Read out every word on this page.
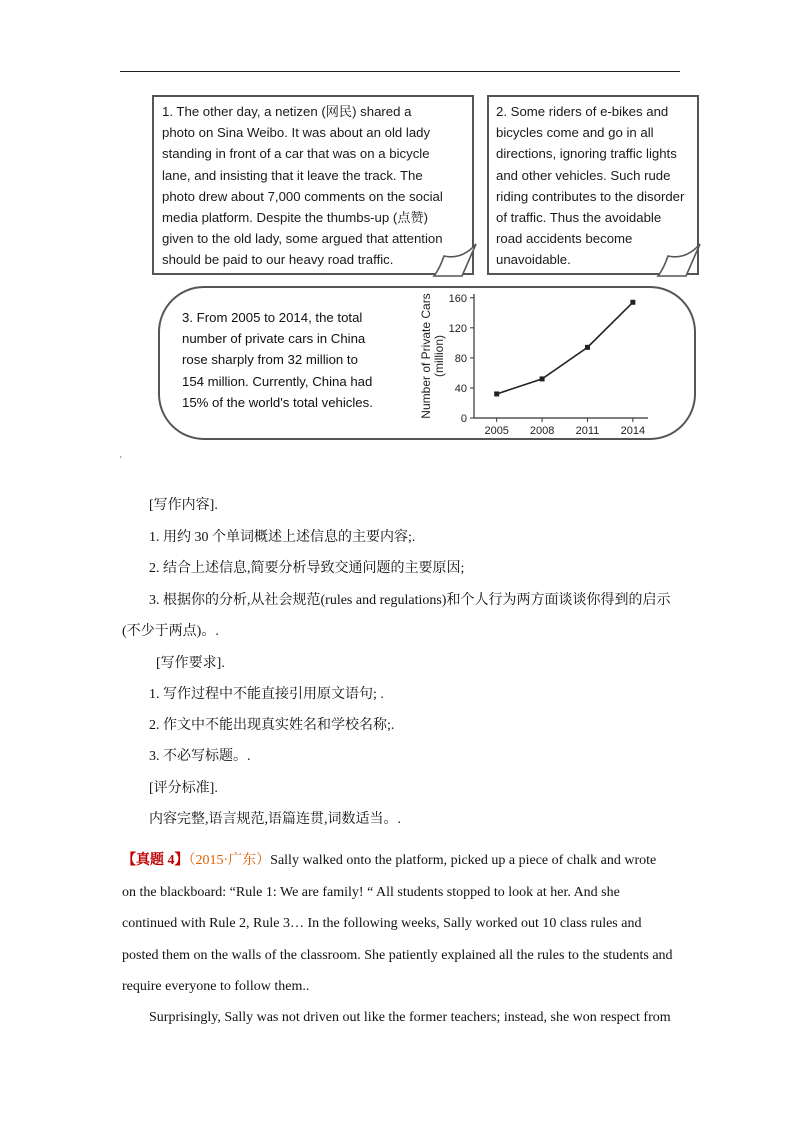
1. The other day, a netizen (网民) shared a
photo on Sina Weibo. It was about an old lady
standing in front of a car that was on a bicycle
lane, and insisting that it leave the track. The
photo drew about 7,000 comments on the social
media platform. Despite the thumbs-up (点赞)
given to the old lady, some argued that attention
should be paid to our heavy road traffic.
2. Some riders of e-bikes and
bicycles come and go in all
directions, ignoring traffic lights
and other vehicles. Such rude
riding contributes to the disorder
of traffic. Thus the avoidable
road accidents become
unavoidable.
3. From 2005 to 2014, the total
number of private cars in China
rose sharply from 32 million to
154 million. Currently, China had
15% of the world's total vehicles.
0
40
80
120
160
2005 2008 2011 2014
Number of Private Cars(million)
'
[写作内容].
1. 用约 30 个单词概述上述信息的主要内容;.
2. 结合上述信息,简要分析导致交通问题的主要原因;
3. 根据你的分析,从社会规范(rules and regulations)和个人行为两方面谈谈你得到的启示
(不少于两点)。.
[写作要求].
1. 写作过程中不能直接引用原文语句; .
2. 作文中不能出现真实姓名和学校名称;.
3. 不必写标题。.
[评分标准].
内容完整,语言规范,语篇连贯,词数适当。.
【真题 4】（2015·广东）Sally walked onto the platform, picked up a piece of chalk and wrote
on the blackboard: “Rule 1: We are family! “ All students stopped to look at her. And she
continued with Rule 2, Rule 3… In the following weeks, Sally worked out 10 class rules and
posted them on the walls of the classroom. She patiently explained all the rules to the students and
require everyone to follow them..
Surprisingly, Sally was not driven out like the former teachers; instead, she won respect from
